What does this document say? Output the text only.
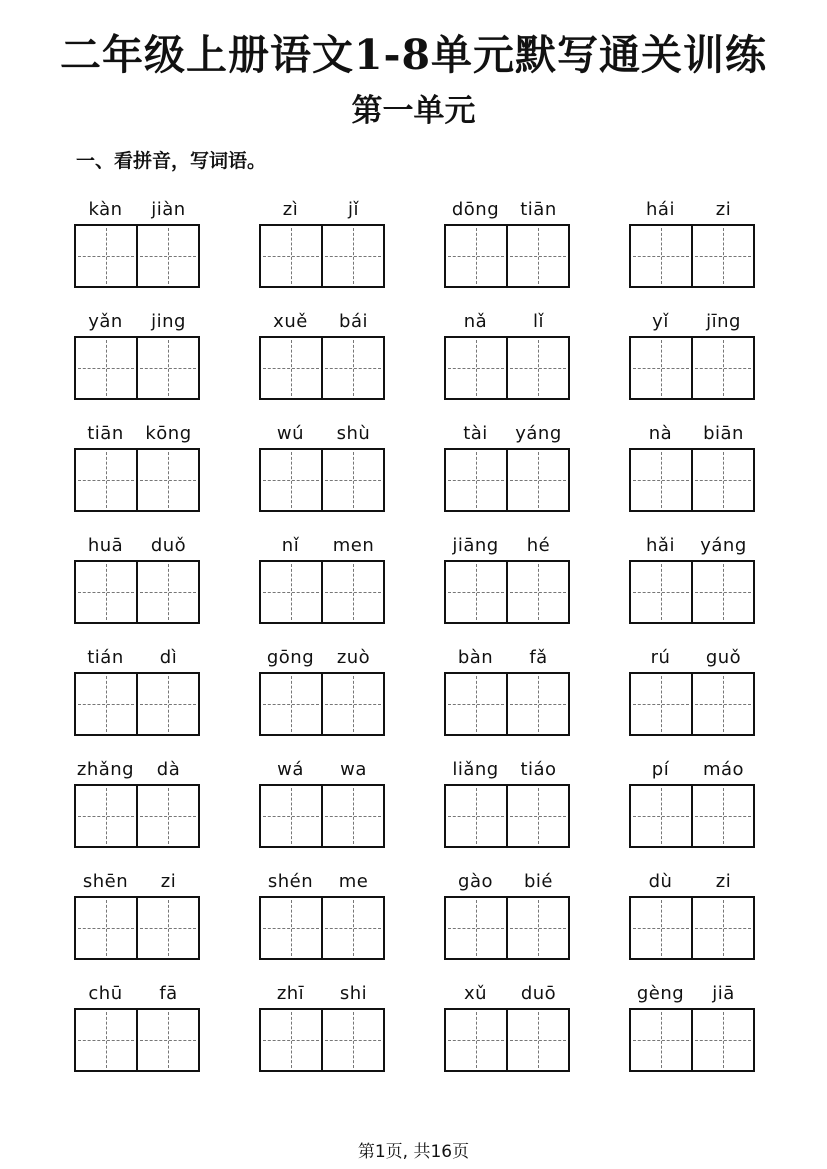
二年级上册语文1-8单元默写通关训练
第一单元
一、看拼音，写词语。
kàn	jiàn	zì	jǐ	dōng	tiān	hái	zi
yǎn	jing	xuě	bái	nǎ	lǐ	yǐ	jīng
tiān	kōng	wú	shù	tài	yáng	nà	biān
huā	duǒ	nǐ	men	jiāng	hé	hǎi	yáng
tián	dì	gōng	zuò	bàn	fǎ	rú	guǒ
zhǎng	dà	wá	wa	liǎng	tiáo	pí	máo
shēn	zi	shén	me	gào	bié	dù	zi
chū	fā	zhī	shi	xǔ	duō	gèng	jiā
第1页, 共16页
